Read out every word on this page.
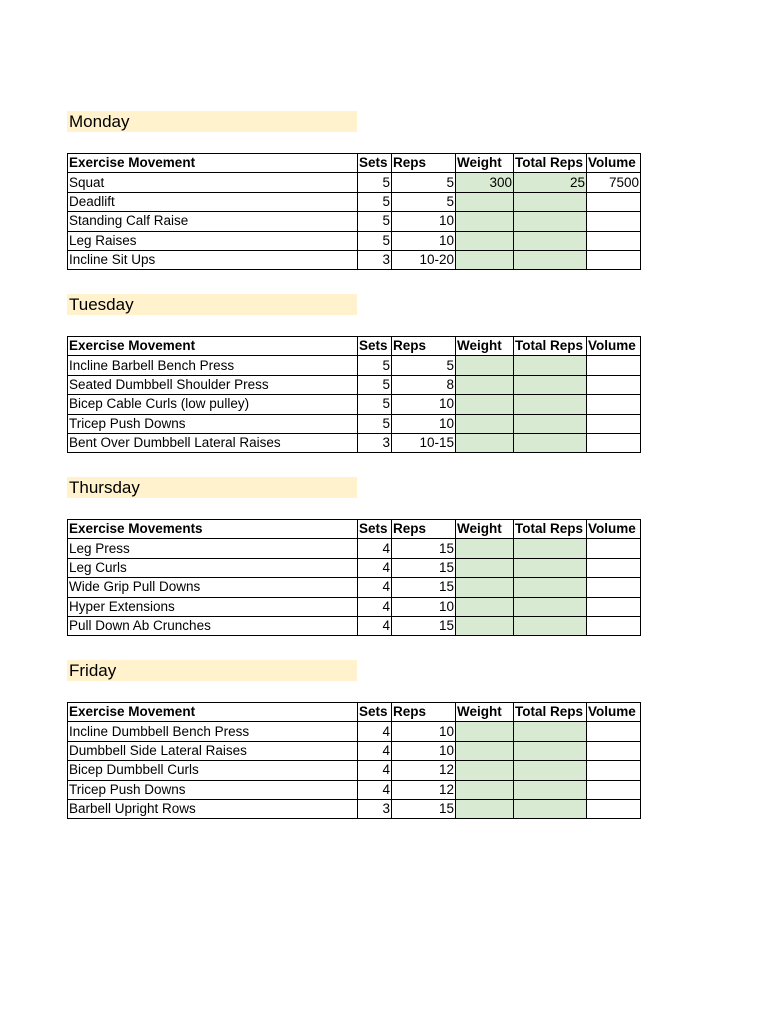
Monday
Exercise Movement	Sets	Reps	Weight	Total Reps	Volume
Squat	5	5	300	25	7500
Deadlift	5	5			
Standing Calf Raise	5	10			
Leg Raises	5	10			
Incline Sit Ups	3	10-20			
Tuesday
Exercise Movement	Sets	Reps	Weight	Total Reps	Volume
Incline Barbell Bench Press	5	5			
Seated Dumbbell Shoulder Press	5	8			
Bicep Cable Curls (low pulley)	5	10			
Tricep Push Downs	5	10			
Bent Over Dumbbell Lateral Raises	3	10-15			
Thursday
Exercise Movements	Sets	Reps	Weight	Total Reps	Volume
Leg Press	4	15			
Leg Curls	4	15			
Wide Grip Pull Downs	4	15			
Hyper Extensions	4	10			
Pull Down Ab Crunches	4	15			
Friday
Exercise Movement	Sets	Reps	Weight	Total Reps	Volume
Incline Dumbbell Bench Press	4	10			
Dumbbell Side Lateral Raises	4	10			
Bicep Dumbbell Curls	4	12			
Tricep Push Downs	4	12			
Barbell Upright Rows	3	15			
